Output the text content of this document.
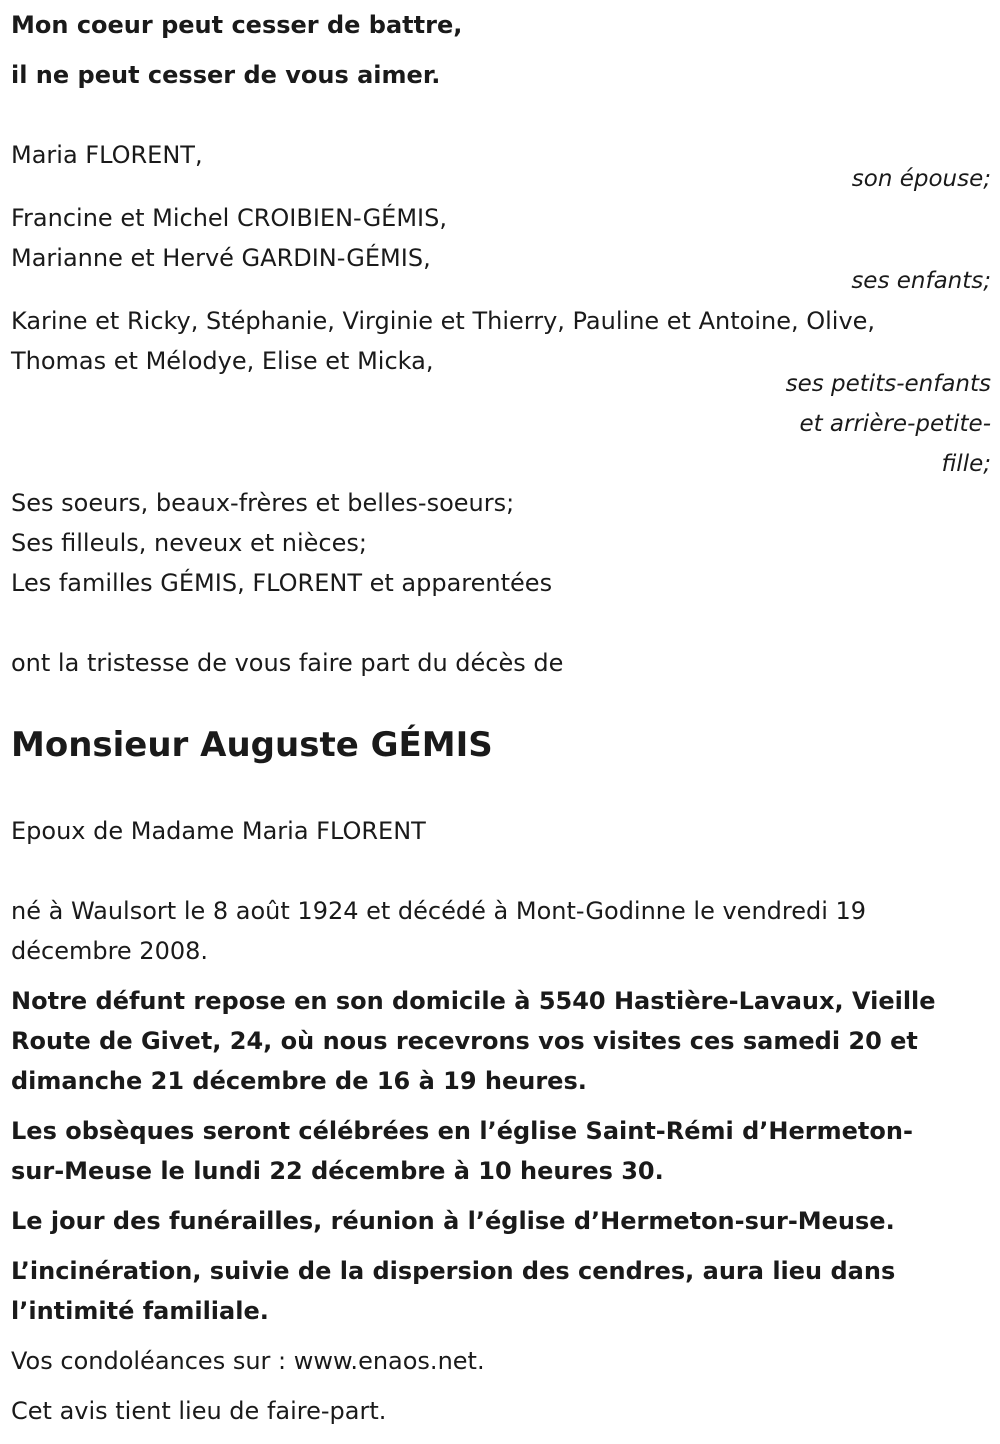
Mon coeur peut cesser de battre,
il ne peut cesser de vous aimer.
Maria FLORENT,
son épouse;
Francine et Michel CROIBIEN-GÉMIS,
Marianne et Hervé GARDIN-GÉMIS,
ses enfants;
Karine et Ricky, Stéphanie, Virginie et Thierry, Pauline et Antoine, Olive,
Thomas et Mélodye, Elise et Micka,
ses petits-enfants
et arrière-petite-
fille;
Ses soeurs, beaux-frères et belles-soeurs;
Ses filleuls, neveux et nièces;
Les familles GÉMIS, FLORENT et apparentées
ont la tristesse de vous faire part du décès de
Monsieur Auguste GÉMIS
Epoux de Madame Maria FLORENT
né à Waulsort le 8 août 1924 et décédé à Mont-Godinne le vendredi 19
décembre 2008.
Notre défunt repose en son domicile à 5540 Hastière-Lavaux, Vieille
Route de Givet, 24, où nous recevrons vos visites ces samedi 20 et
dimanche 21 décembre de 16 à 19 heures.
Les obsèques seront célébrées en l’église Saint-Rémi d’Hermeton-
sur-Meuse le lundi 22 décembre à 10 heures 30.
Le jour des funérailles, réunion à l’église d’Hermeton-sur-Meuse.
L’incinération, suivie de la dispersion des cendres, aura lieu dans
l’intimité familiale.
Vos condoléances sur : www.enaos.net.
Cet avis tient lieu de faire-part.
